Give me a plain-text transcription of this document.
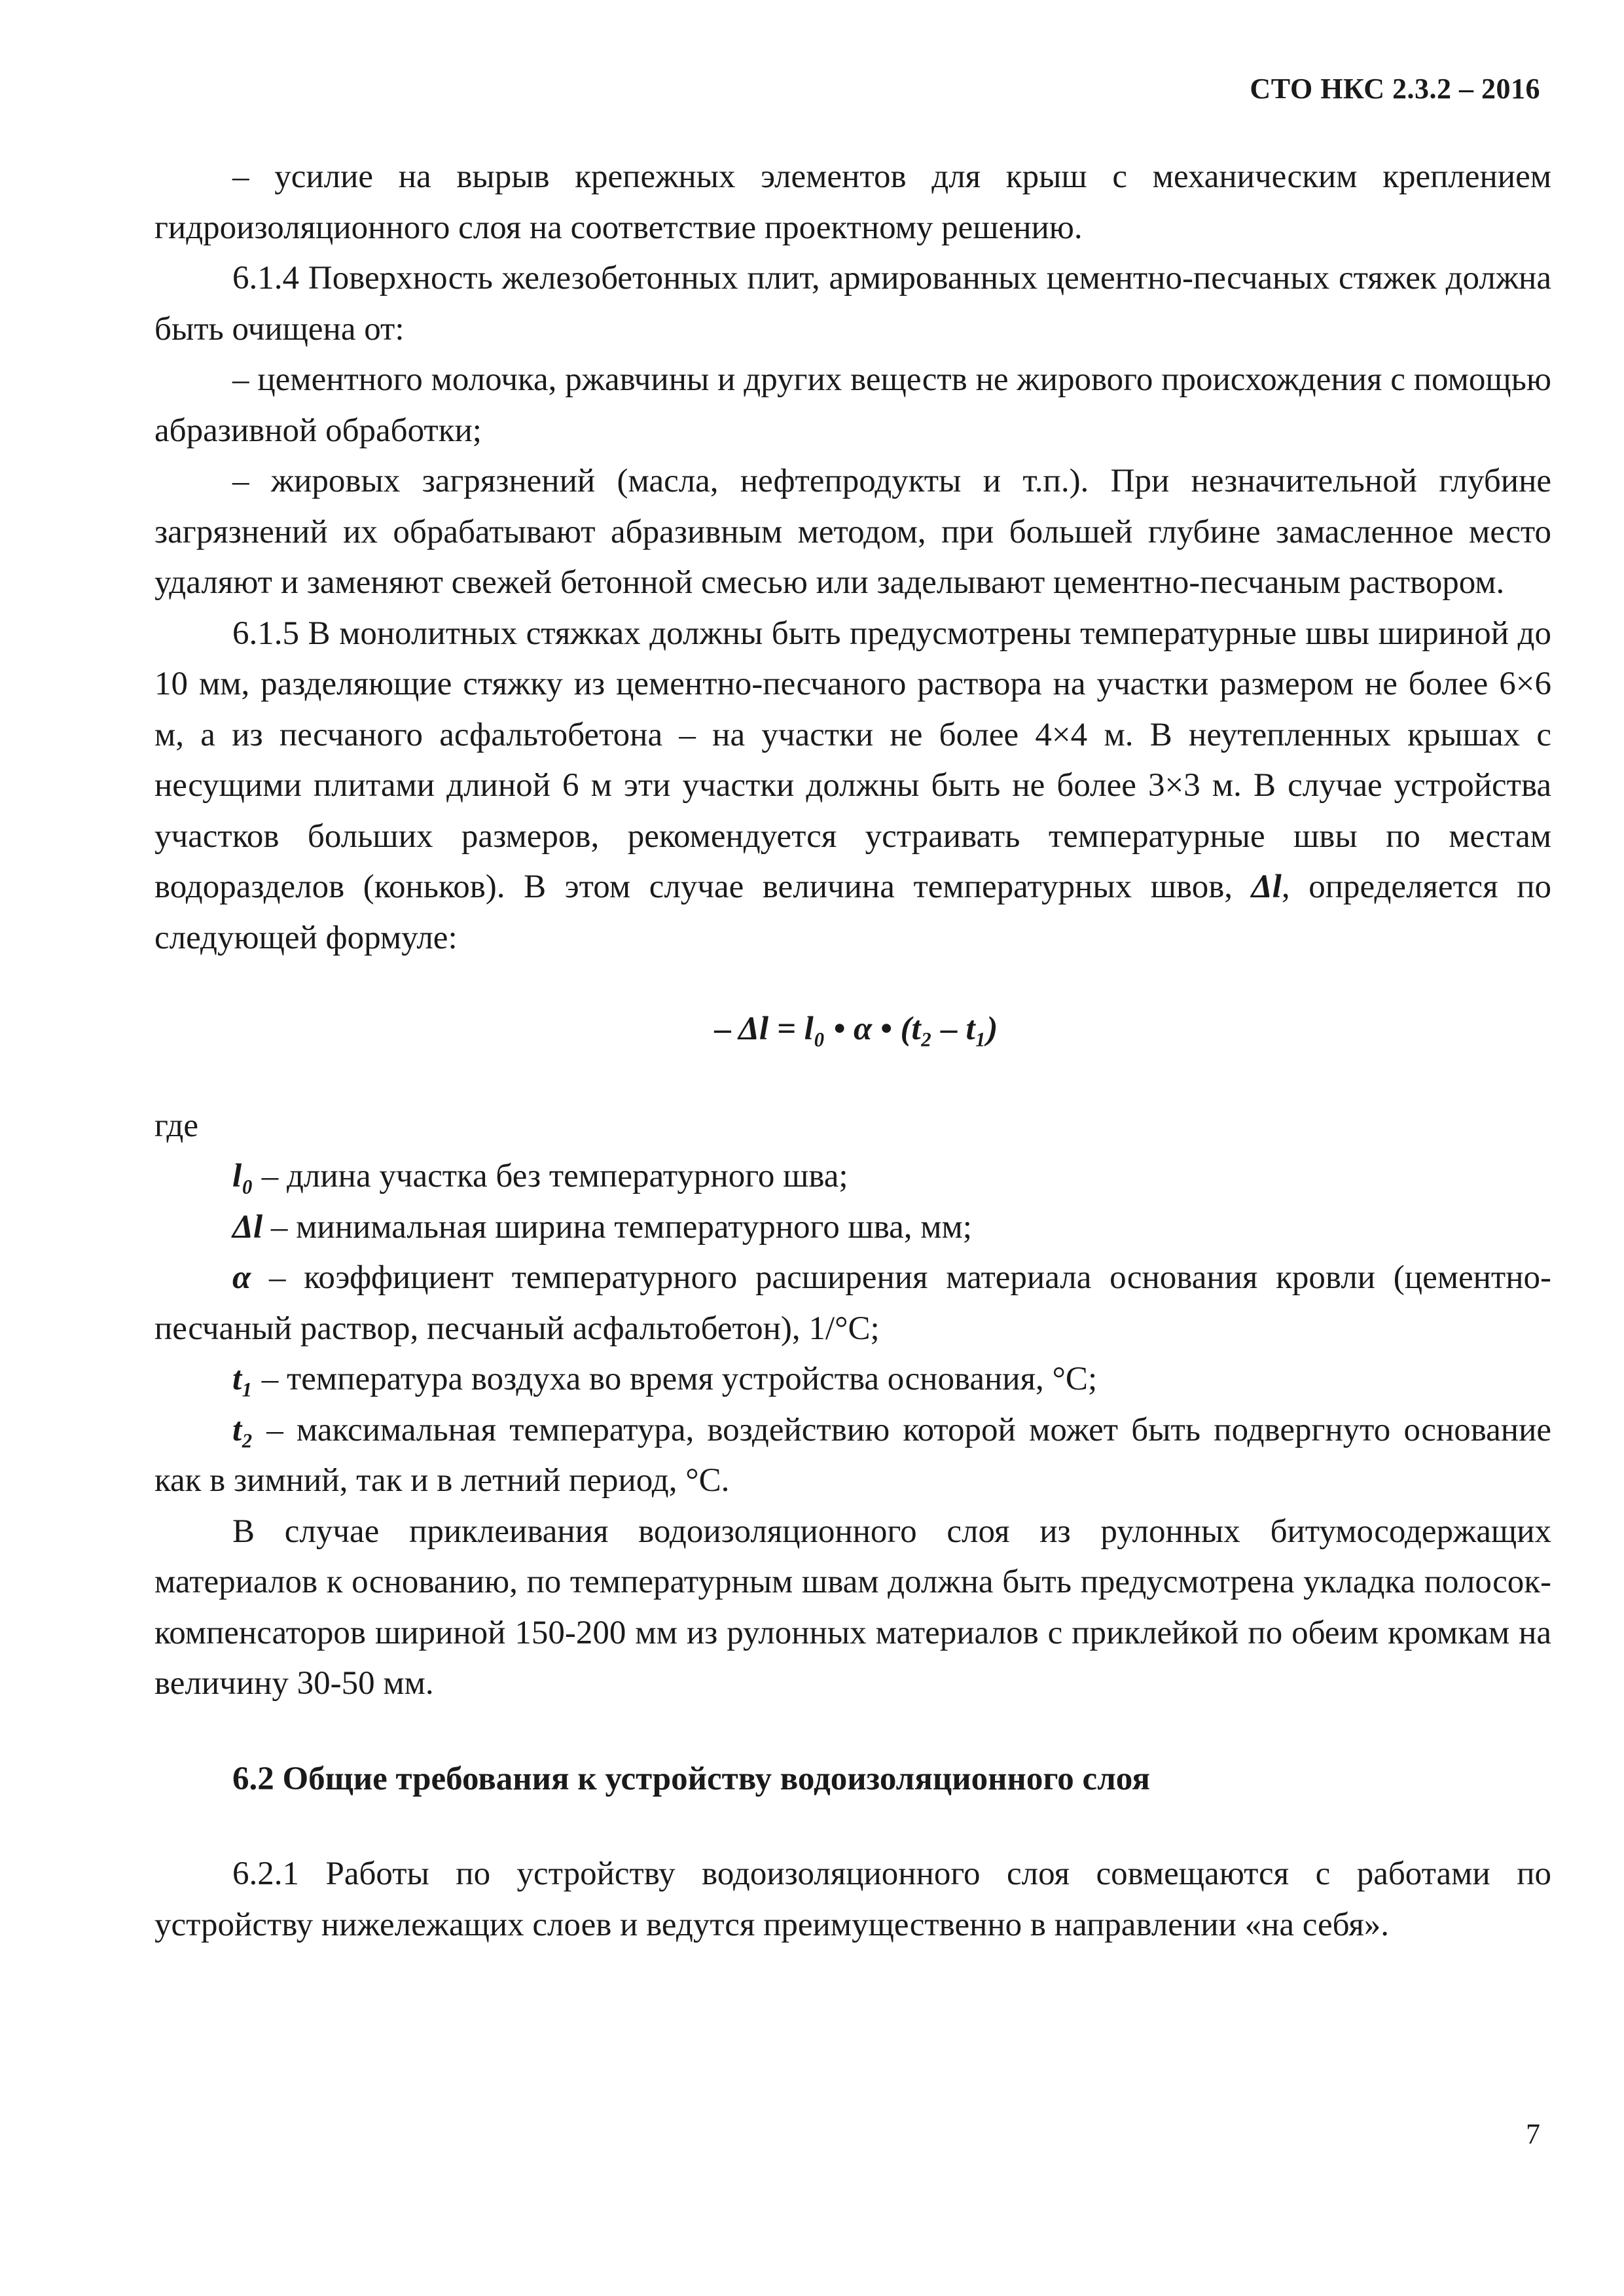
СТО НКС 2.3.2 – 2016

– усилие на вырыв крепежных элементов для крыш с механическим креплением гидроизоляционного слоя на соответствие проектному решению.

6.1.4 Поверхность железобетонных плит, армированных цементно-песчаных стяжек должна быть очищена от:

– цементного молочка, ржавчины и других веществ не жирового происхождения с помощью абразивной обработки;

– жировых загрязнений (масла, нефтепродукты и т.п.). При незначительной глубине загрязнений их обрабатывают абразивным методом, при большей глубине замасленное место удаляют и заменяют свежей бетонной смесью или заделывают цементно-песчаным раствором.

6.1.5 В монолитных стяжках должны быть предусмотрены температурные швы шириной до 10 мм, разделяющие стяжку из цементно-песчаного раствора на участки размером не более 6×6 м, а из песчаного асфальтобетона – на участки не более 4×4 м. В неутепленных крышах с несущими плитами длиной 6 м эти участки должны быть не более 3×3 м. В случае устройства участков больших размеров, рекомендуется устраивать температурные швы по местам водоразделов (коньков). В этом случае величина температурных швов, Δl, определяется по следующей формуле:

– Δl = l₀ • α • (t₂ – t₁)

где

l₀ – длина участка без температурного шва;

Δl – минимальная ширина температурного шва, мм;

α – коэффициент температурного расширения материала основания кровли (цементно-песчаный раствор, песчаный асфальтобетон), 1/°С;

t₁ – температура воздуха во время устройства основания, °С;

t₂ – максимальная температура, воздействию которой может быть подвергнуто основание как в зимний, так и в летний период, °С.

В случае приклеивания водоизоляционного слоя из рулонных битумосодержащих материалов к основанию, по температурным швам должна быть предусмотрена укладка полосок-компенсаторов шириной 150-200 мм из рулонных материалов с приклейкой по обеим кромкам на величину 30-50 мм.

6.2 Общие требования к устройству водоизоляционного слоя

6.2.1 Работы по устройству водоизоляционного слоя совмещаются с работами по устройству нижележащих слоев и ведутся преимущественно в направлении «на себя».

7
